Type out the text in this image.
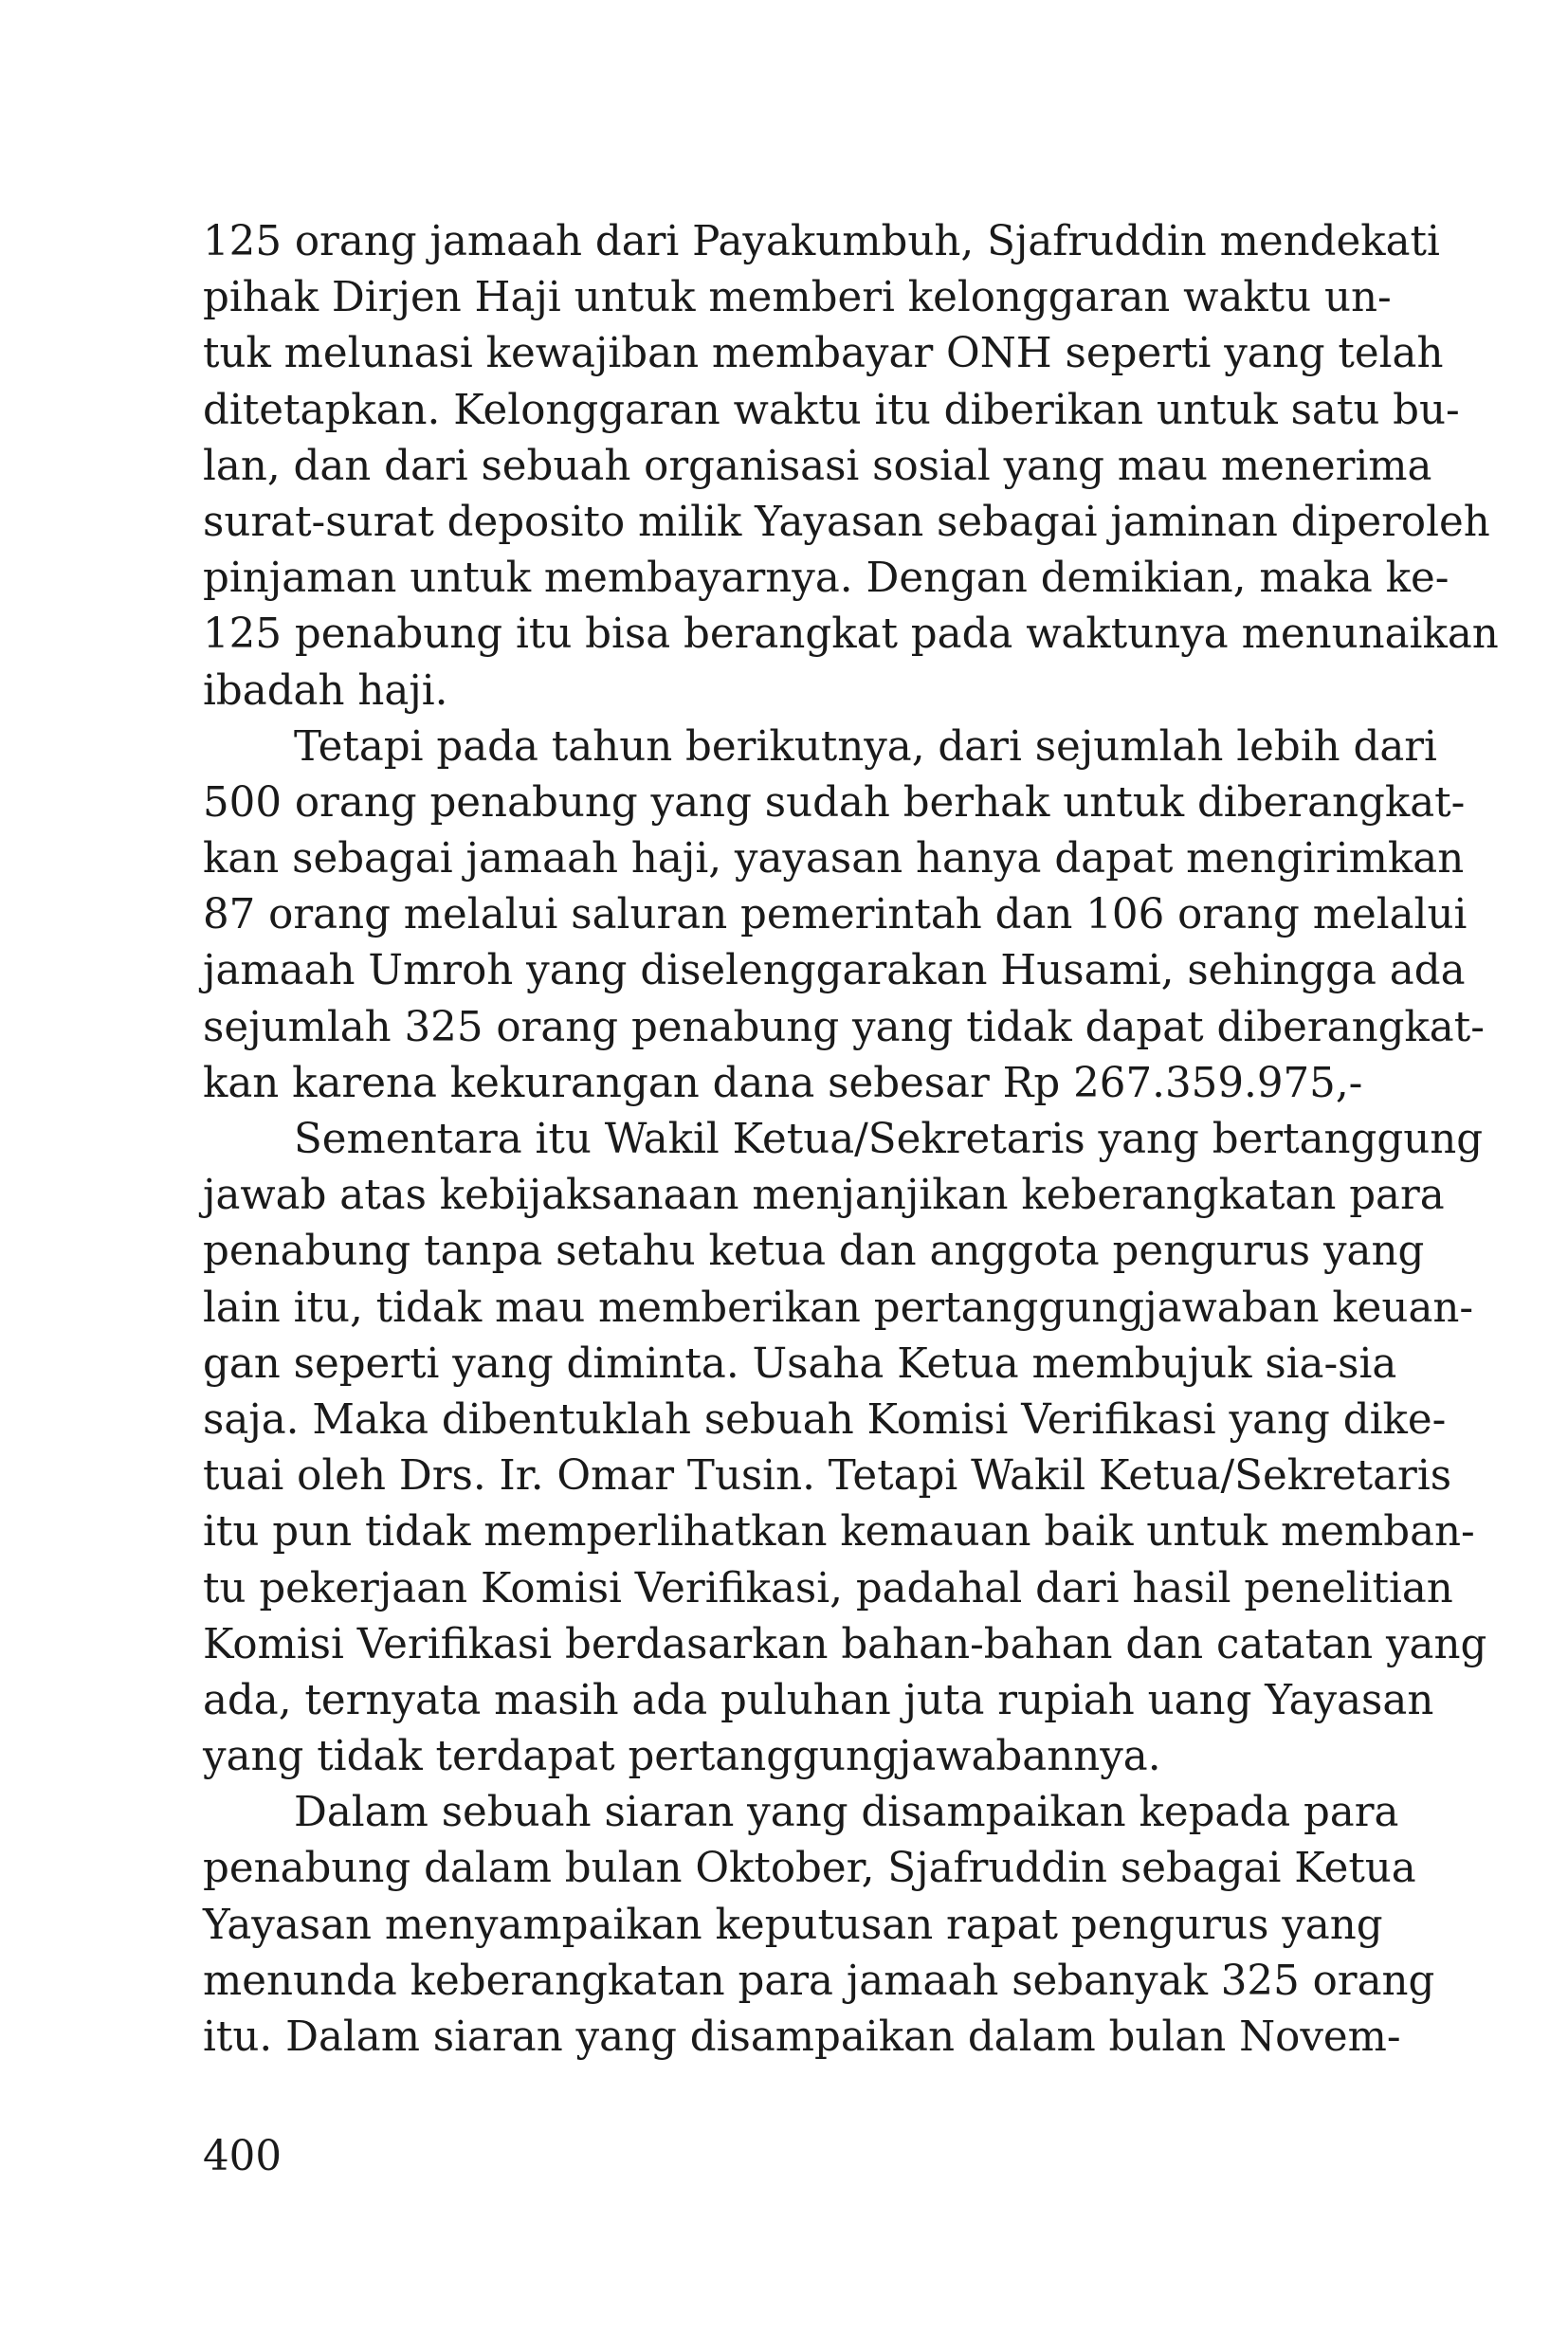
125 orang jamaah dari Payakumbuh, Sjafruddin mendekati
pihak Dirjen Haji untuk memberi kelonggaran waktu un-
tuk melunasi kewajiban membayar ONH seperti yang telah
ditetapkan. Kelonggaran waktu itu diberikan untuk satu bu-
lan, dan dari sebuah organisasi sosial yang mau menerima
surat-surat deposito milik Yayasan sebagai jaminan diperoleh
pinjaman untuk membayarnya. Dengan demikian, maka ke-
125 penabung itu bisa berangkat pada waktunya menunaikan
ibadah haji.
Tetapi pada tahun berikutnya, dari sejumlah lebih dari
500 orang penabung yang sudah berhak untuk diberangkat-
kan sebagai jamaah haji, yayasan hanya dapat mengirimkan
87 orang melalui saluran pemerintah dan 106 orang melalui
jamaah Umroh yang diselenggarakan Husami, sehingga ada
sejumlah 325 orang penabung yang tidak dapat diberangkat-
kan karena kekurangan dana sebesar Rp 267.359.975,-
Sementara itu Wakil Ketua/Sekretaris yang bertanggung
jawab atas kebijaksanaan menjanjikan keberangkatan para
penabung tanpa setahu ketua dan anggota pengurus yang
lain itu, tidak mau memberikan pertanggungjawaban keuan-
gan seperti yang diminta. Usaha Ketua membujuk sia-sia
saja. Maka dibentuklah sebuah Komisi Verifikasi yang dike-
tuai oleh Drs. Ir. Omar Tusin. Tetapi Wakil Ketua/Sekretaris
itu pun tidak memperlihatkan kemauan baik untuk memban-
tu pekerjaan Komisi Verifikasi, padahal dari hasil penelitian
Komisi Verifikasi berdasarkan bahan-bahan dan catatan yang
ada, ternyata masih ada puluhan juta rupiah uang Yayasan
yang tidak terdapat pertanggungjawabannya.
Dalam sebuah siaran yang disampaikan kepada para
penabung dalam bulan Oktober, Sjafruddin sebagai Ketua
Yayasan menyampaikan keputusan rapat pengurus yang
menunda keberangkatan para jamaah sebanyak 325 orang
itu. Dalam siaran yang disampaikan dalam bulan Novem-
400
